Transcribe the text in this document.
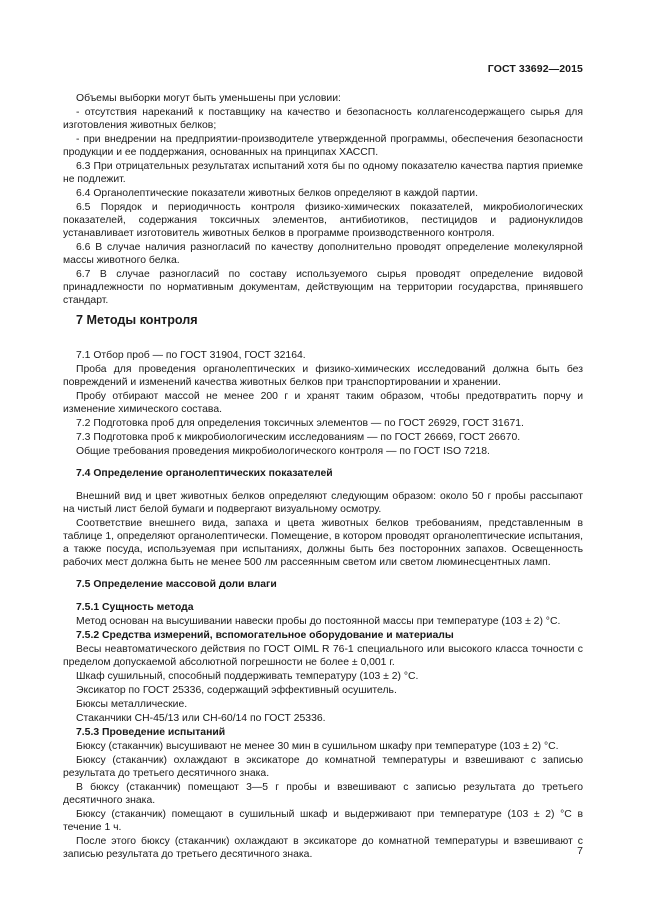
ГОСТ 33692—2015

Объемы выборки могут быть уменьшены при условии:

- отсутствия нареканий к поставщику на качество и безопасность коллагенсодержащего сырья для изготовления животных белков;

- при внедрении на предприятии-производителе утвержденной программы, обеспечения безопасности продукции и ее поддержания, основанных на принципах ХАССП.

6.3 При отрицательных результатах испытаний хотя бы по одному показателю качества партия приемке не подлежит.

6.4 Органолептические показатели животных белков определяют в каждой партии.

6.5 Порядок и периодичность контроля физико-химических показателей, микробиологических показателей, содержания токсичных элементов, антибиотиков, пестицидов и радионуклидов устанавливает изготовитель животных белков в программе производственного контроля.

6.6 В случае наличия разногласий по качеству дополнительно проводят определение молекулярной массы животного белка.

6.7 В случае разногласий по составу используемого сырья проводят определение видовой принадлежности по нормативным документам, действующим на территории государства, принявшего стандарт.

7 Методы контроля

7.1 Отбор проб — по ГОСТ 31904, ГОСТ 32164.

Проба для проведения органолептических и физико-химических исследований должна быть без повреждений и изменений качества животных белков при транспортировании и хранении.

Пробу отбирают массой не менее 200 г и хранят таким образом, чтобы предотвратить порчу и изменение химического состава.

7.2 Подготовка проб для определения токсичных элементов — по ГОСТ 26929, ГОСТ 31671.

7.3 Подготовка проб к микробиологическим исследованиям — по ГОСТ 26669, ГОСТ 26670.

Общие требования проведения микробиологического контроля — по ГОСТ ISO 7218.

7.4 Определение органолептических показателей

Внешний вид и цвет животных белков определяют следующим образом: около 50 г пробы рассыпают на чистый лист белой бумаги и подвергают визуальному осмотру.

Соответствие внешнего вида, запаха и цвета животных белков требованиям, представленным в таблице 1, определяют органолептически. Помещение, в котором проводят органолептические испытания, а также посуда, используемая при испытаниях, должны быть без посторонних запахов. Освещенность рабочих мест должна быть не менее 500 лм рассеянным светом или светом люминесцентных ламп.

7.5 Определение массовой доли влаги
7.5.1 Сущность метода

Метод основан на высушивании навески пробы до постоянной массы при температуре (103 ± 2) °С.

7.5.2 Средства измерений, вспомогательное оборудование и материалы

Весы неавтоматического действия по ГОСТ OIML R 76-1 специального или высокого класса точности с пределом допускаемой абсолютной погрешности не более ± 0,001 г.

Шкаф сушильный, способный поддерживать температуру (103 ± 2) °С.

Эксикатор по ГОСТ 25336, содержащий эффективный осушитель.

Бюксы металлические.

Стаканчики СН-45/13 или СН-60/14 по ГОСТ 25336.

7.5.3 Проведение испытаний

Бюксу (стаканчик) высушивают не менее 30 мин в сушильном шкафу при температуре (103 ± 2) °С.

Бюксу (стаканчик) охлаждают в эксикаторе до комнатной температуры и взвешивают с записью результата до третьего десятичного знака.

В бюксу (стаканчик) помещают 3—5 г пробы и взвешивают с записью результата до третьего десятичного знака.

Бюксу (стаканчик) помещают в сушильный шкаф и выдерживают при температуре (103 ± 2) °С в течение 1 ч.

После этого бюксу (стаканчик) охлаждают в эксикаторе до комнатной температуры и взвешивают с записью результата до третьего десятичного знака.	7
